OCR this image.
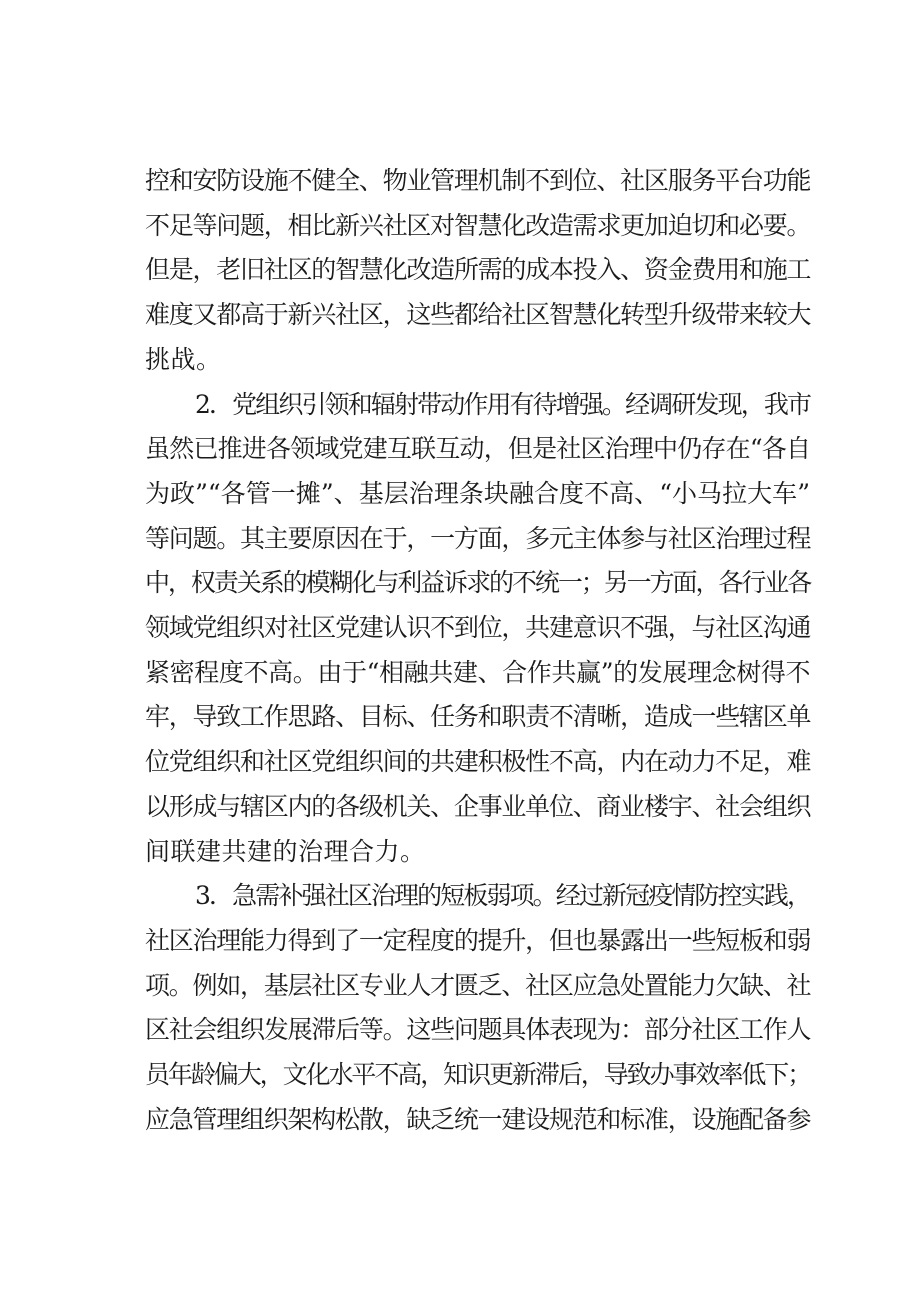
控和安防设施不健全、物业管理机制不到位、社区服务平台功能
不足等问题，相比新兴社区对智慧化改造需求更加迫切和必要。
但是，老旧社区的智慧化改造所需的成本投入、资金费用和施工
难度又都高于新兴社区，这些都给社区智慧化转型升级带来较大
挑战。
2．党组织引领和辐射带动作用有待增强。经调研发现，我市
虽然已推进各领域党建互联互动，但是社区治理中仍存在“各自
为政”“各管一摊”、基层治理条块融合度不高、“小马拉大车”
等问题。其主要原因在于，一方面，多元主体参与社区治理过程
中，权责关系的模糊化与利益诉求的不统一；另一方面，各行业各
领域党组织对社区党建认识不到位，共建意识不强，与社区沟通
紧密程度不高。由于“相融共建、合作共赢”的发展理念树得不
牢，导致工作思路、目标、任务和职责不清晰，造成一些辖区单
位党组织和社区党组织间的共建积极性不高，内在动力不足，难
以形成与辖区内的各级机关、企事业单位、商业楼宇、社会组织
间联建共建的治理合力。
3．急需补强社区治理的短板弱项。经过新冠疫情防控实践，
社区治理能力得到了一定程度的提升，但也暴露出一些短板和弱
项。例如，基层社区专业人才匮乏、社区应急处置能力欠缺、社
区社会组织发展滞后等。这些问题具体表现为：部分社区工作人
员年龄偏大，文化水平不高，知识更新滞后，导致办事效率低下；
应急管理组织架构松散，缺乏统一建设规范和标准，设施配备参
